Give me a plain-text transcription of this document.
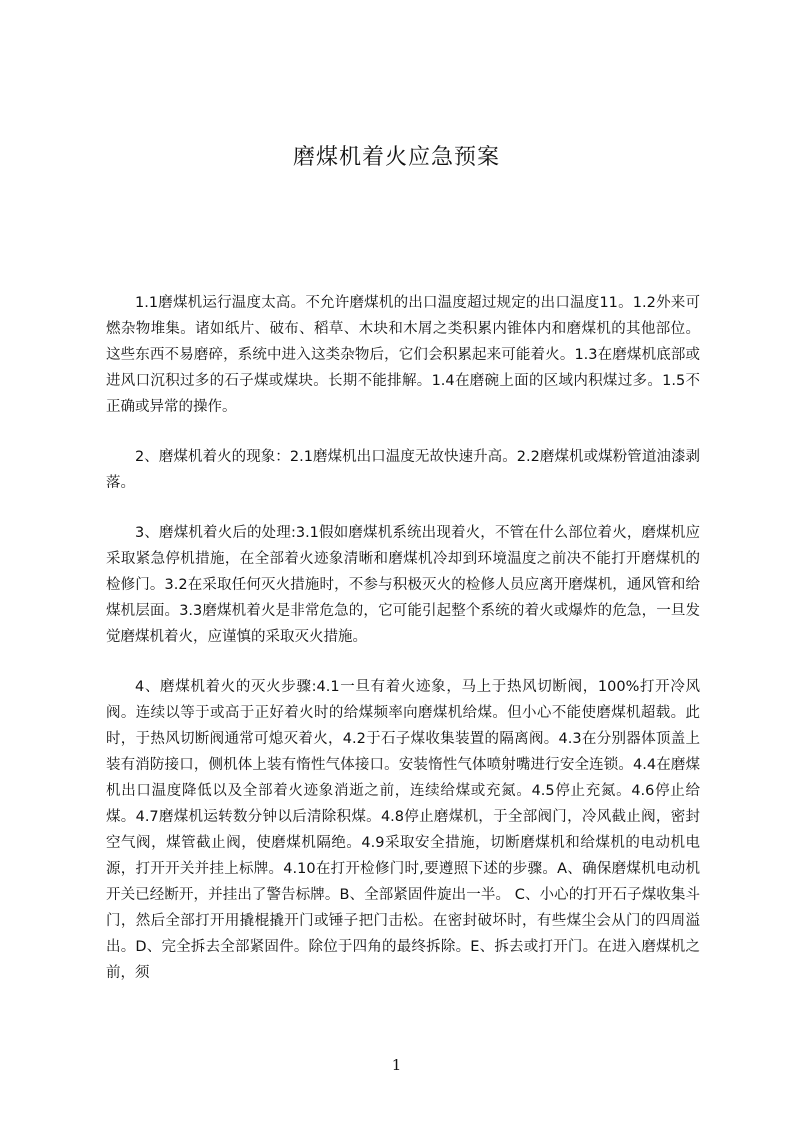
磨煤机着火应急预案

1.1磨煤机运行温度太高。不允许磨煤机的出口温度超过规定的出口温度11。1.2外来可燃杂物堆集。诸如纸片、破布、稻草、木块和木屑之类积累内锥体内和磨煤机的其他部位。这些东西不易磨碎，系统中进入这类杂物后，它们会积累起来可能着火。1.3在磨煤机底部或进风口沉积过多的石子煤或煤块。长期不能排解。1.4在磨碗上面的区域内积煤过多。1.5不正确或异常的操作。

2、磨煤机着火的现象：2.1磨煤机出口温度无故快速升高。2.2磨煤机或煤粉管道油漆剥落。

3、磨煤机着火后的处理:3.1假如磨煤机系统出现着火，不管在什么部位着火，磨煤机应采取紧急停机措施，在全部着火迹象清晰和磨煤机冷却到环境温度之前决不能打开磨煤机的检修门。3.2在采取任何灭火措施时，不参与积极灭火的检修人员应离开磨煤机，通风管和给煤机层面。3.3磨煤机着火是非常危急的，它可能引起整个系统的着火或爆炸的危急，一旦发觉磨煤机着火，应谨慎的采取灭火措施。

4、磨煤机着火的灭火步骤:4.1一旦有着火迹象，马上于热风切断阀，100%打开冷风阀。连续以等于或高于正好着火时的给煤频率向磨煤机给煤。但小心不能使磨煤机超载。此时，于热风切断阀通常可熄灭着火，4.2于石子煤收集装置的隔离阀。4.3在分别器体顶盖上装有消防接口，侧机体上装有惰性气体接口。安装惰性气体喷射嘴进行安全连锁。4.4在磨煤机出口温度降低以及全部着火迹象消逝之前，连续给煤或充氮。4.5停止充氮。4.6停止给煤。4.7磨煤机运转数分钟以后清除积煤。4.8停止磨煤机，于全部阀门，冷风截止阀，密封空气阀，煤管截止阀，使磨煤机隔绝。4.9采取安全措施，切断磨煤机和给煤机的电动机电源，打开开关并挂上标牌。4.10在打开检修门时,要遵照下述的步骤。A、确保磨煤机电动机开关已经断开，并挂出了警告标牌。B、全部紧固件旋出一半。 C、小心的打开石子煤收集斗门，然后全部打开用撬棍撬开门或锤子把门击松。在密封破坏时，有些煤尘会从门的四周溢出。D、完全拆去全部紧固件。除位于四角的最终拆除。E、拆去或打开门。在进入磨煤机之前，须

1
